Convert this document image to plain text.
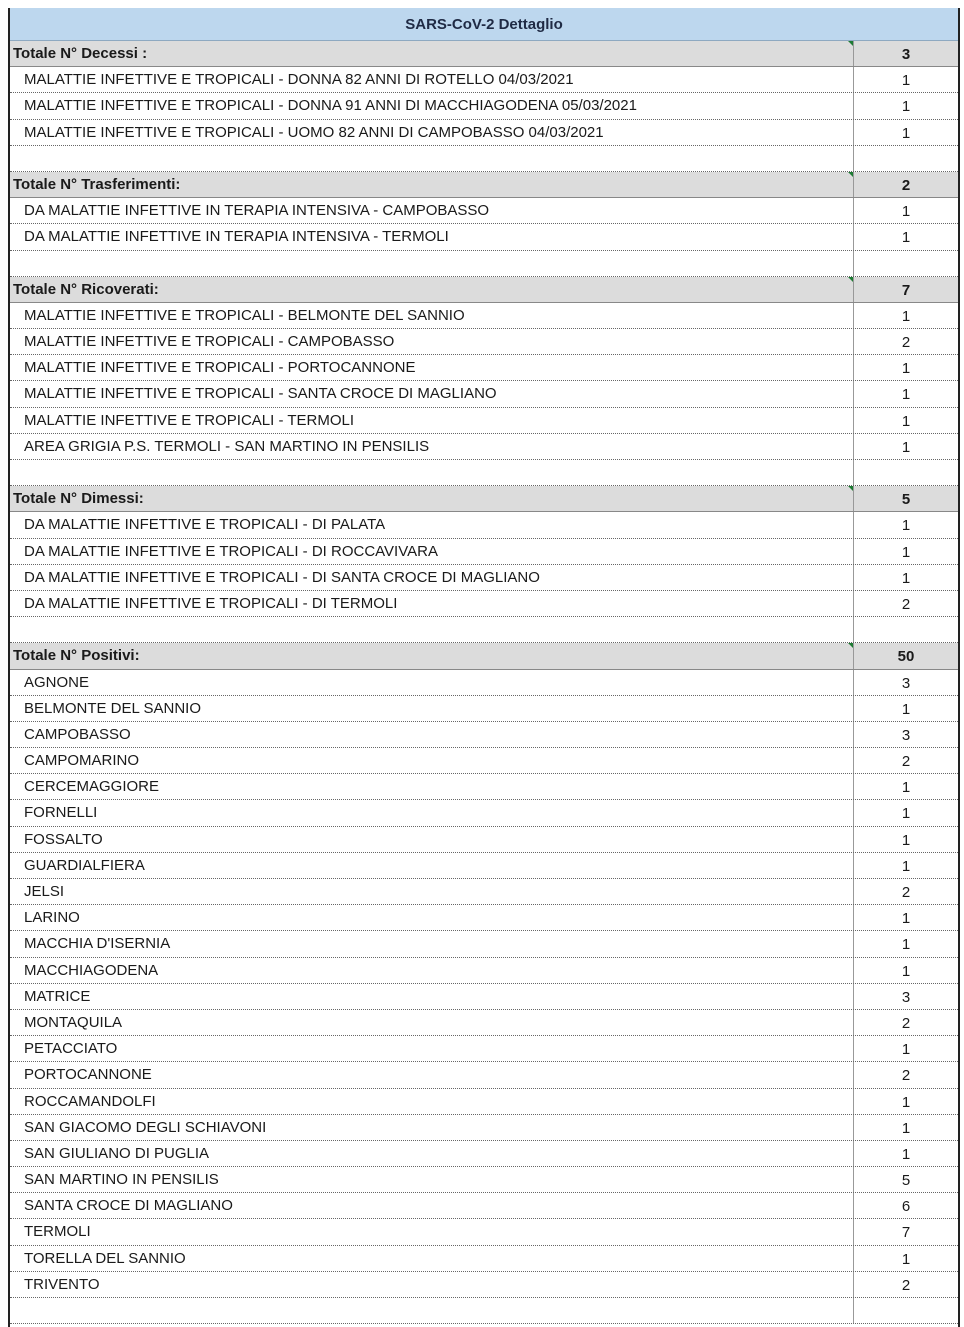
SARS-CoV-2 Dettaglio
Totale N° Decessi :	3
MALATTIE INFETTIVE E TROPICALI - DONNA 82 ANNI DI ROTELLO 04/03/2021	1
MALATTIE INFETTIVE E TROPICALI - DONNA 91 ANNI DI MACCHIAGODENA 05/03/2021	1
MALATTIE INFETTIVE E TROPICALI - UOMO 82 ANNI DI CAMPOBASSO 04/03/2021	1
Totale N° Trasferimenti:	2
DA MALATTIE INFETTIVE IN TERAPIA INTENSIVA - CAMPOBASSO	1
DA MALATTIE INFETTIVE IN TERAPIA INTENSIVA - TERMOLI	1
Totale N° Ricoverati:	7
MALATTIE INFETTIVE E TROPICALI - BELMONTE DEL SANNIO	1
MALATTIE INFETTIVE E TROPICALI - CAMPOBASSO	2
MALATTIE INFETTIVE E TROPICALI - PORTOCANNONE	1
MALATTIE INFETTIVE E TROPICALI - SANTA CROCE DI MAGLIANO	1
MALATTIE INFETTIVE E TROPICALI - TERMOLI	1
AREA GRIGIA P.S. TERMOLI - SAN MARTINO IN PENSILIS	1
Totale N° Dimessi:	5
DA MALATTIE INFETTIVE E TROPICALI - DI PALATA	1
DA MALATTIE INFETTIVE E TROPICALI - DI ROCCAVIVARA	1
DA MALATTIE INFETTIVE E TROPICALI - DI SANTA CROCE DI MAGLIANO	1
DA MALATTIE INFETTIVE E TROPICALI - DI TERMOLI	2
Totale N° Positivi:	50
AGNONE	3
BELMONTE DEL SANNIO	1
CAMPOBASSO	3
CAMPOMARINO	2
CERCEMAGGIORE	1
FORNELLI	1
FOSSALTO	1
GUARDIALFIERA	1
JELSI	2
LARINO	1
MACCHIA D'ISERNIA	1
MACCHIAGODENA	1
MATRICE	3
MONTAQUILA	2
PETACCIATO	1
PORTOCANNONE	2
ROCCAMANDOLFI	1
SAN GIACOMO DEGLI SCHIAVONI	1
SAN GIULIANO DI PUGLIA	1
SAN MARTINO IN PENSILIS	5
SANTA CROCE DI MAGLIANO	6
TERMOLI	7
TORELLA DEL SANNIO	1
TRIVENTO	2
